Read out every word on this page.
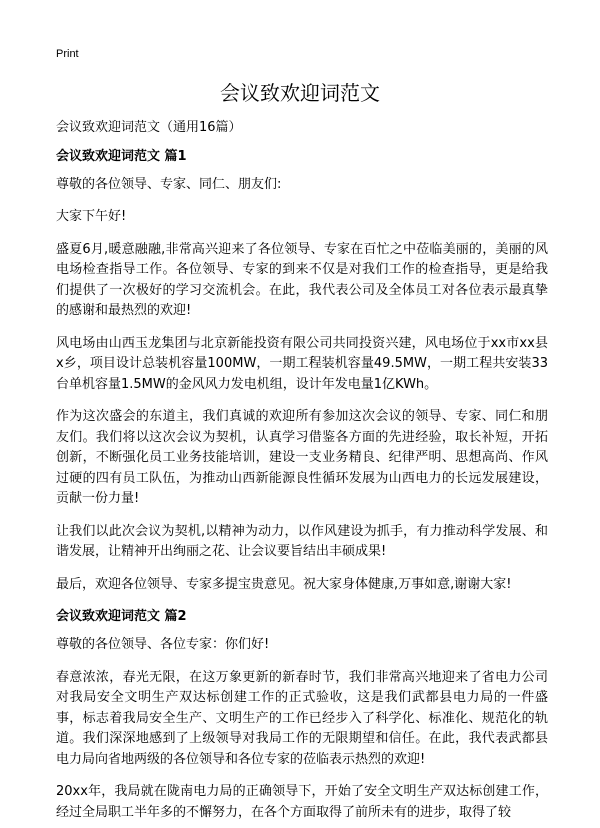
Print
会议致欢迎词范文

会议致欢迎词范文（通用16篇）

会议致欢迎词范文 篇1

尊敬的各位领导、专家、同仁、朋友们:

大家下午好!

盛夏6月,暖意融融,非常高兴迎来了各位领导、专家在百忙之中莅临美丽的，美丽的风电场检查指导工作。各位领导、专家的到来不仅是对我们工作的检查指导，更是给我们提供了一次极好的学习交流机会。在此，我代表公司及全体员工对各位表示最真挚的感谢和最热烈的欢迎!

风电场由山西玉龙集团与北京新能投资有限公司共同投资兴建，风电场位于xx市xx县x乡，项目设计总装机容量100MW，一期工程装机容量49.5MW，一期工程共安装33台单机容量1.5MW的金风风力发电机组，设计年发电量1亿KWh。

作为这次盛会的东道主，我们真诚的欢迎所有参加这次会议的领导、专家、同仁和朋友们。我们将以这次会议为契机，认真学习借鉴各方面的先进经验，取长补短，开拓创新，不断强化员工业务技能培训，建设一支业务精良、纪律严明、思想高尚、作风过硬的四有员工队伍，为推动山西新能源良性循环发展为山西电力的长远发展建设，贡献一份力量!

让我们以此次会议为契机,以精神为动力，以作风建设为抓手，有力推动科学发展、和谐发展，让精神开出绚丽之花、让会议要旨结出丰硕成果!

最后，欢迎各位领导、专家多提宝贵意见。祝大家身体健康,万事如意,谢谢大家!

会议致欢迎词范文 篇2

尊敬的各位领导、各位专家：你们好!

春意浓浓，春光无限，在这万象更新的新春时节，我们非常高兴地迎来了省电力公司对我局安全文明生产双达标创建工作的正式验收，这是我们武都县电力局的一件盛事，标志着我局安全生产、文明生产的工作已经步入了科学化、标准化、规范化的轨道。我们深深地感到了上级领导对我局工作的无限期望和信任。在此，我代表武都县电力局向省地两级的各位领导和各位专家的莅临表示热烈的欢迎!

20xx年，我局就在陇南电力局的正确领导下，开始了安全文明生产双达标创建工作，经过全局职工半年多的不懈努力，在各个方面取得了前所未有的进步，取得了较
